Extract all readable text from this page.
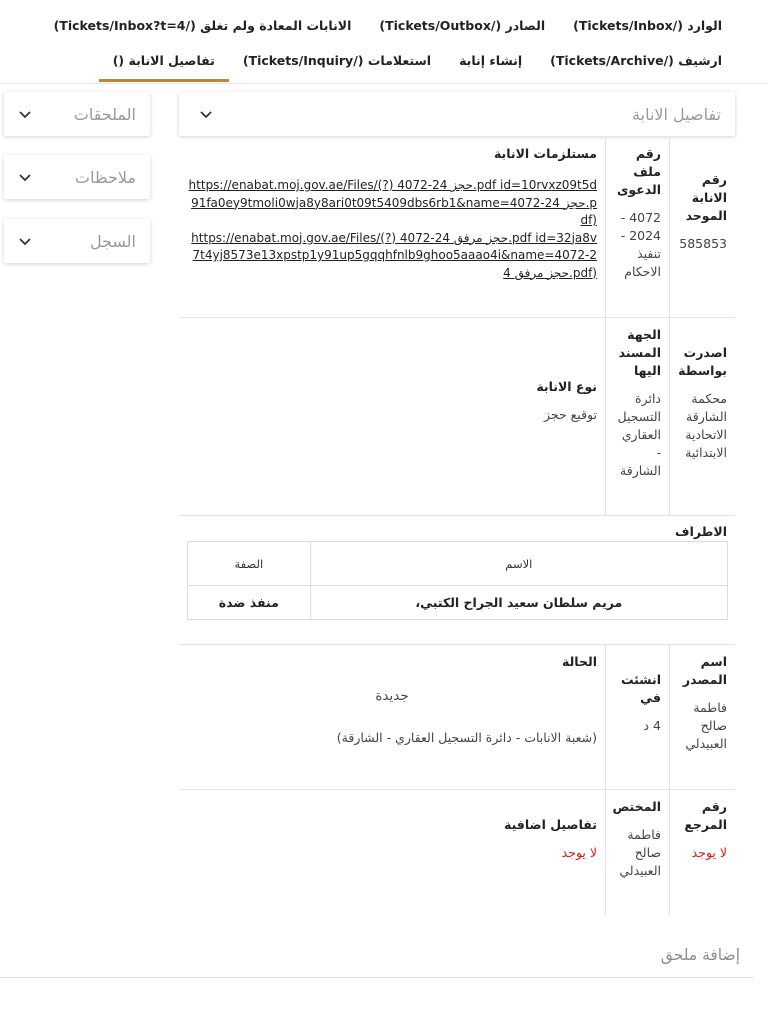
الوارد (/Tickets/Inbox)
الصادر (/Tickets/Outbox)
الانابات المعادة ولم تغلق (/Tickets/Inbox?t=4)
ارشيف (/Tickets/Archive)
إنشاء إنابة
استعلامات (/Tickets/Inquiry)
تفاصيل الانابة ()
تفاصيل الانابة
الملحقات
ملاحظات
السجل
رقم الانابة الموحد
585853
رقم ملف الدعوى
4072 - 2024 - تنفيذ الاحكام
مستلزمات الانابة
https://enabat.moj.gov.ae/Files/(?) 4072-24 حجز.pdf id=10rvxz09t5d91fa0ey9tmoli0wja8y8ari0t09t5409dbs6rb1&name=4072-24 حجز.pdf)
https://enabat.moj.gov.ae/Files/(?) 4072-24 حجز مرفق.pdf id=32ja8v7t4yj8573e13xpstp1y91up5gqqhfnlb9ghoo5aaao4i&name=4072-24 حجز مرفق.pdf)
اصدرت بواسطة
محكمة الشارقة الاتحادية الابتدائية
الجهة المسند اليها
دائرة التسجيل العقاري - الشارقة
نوع الانابة
توقيع حجز
الاطراف
الاسم	الصفة
مريم سلطان سعيد الجراح الكتبي،	منفذ ضدة
اسم المصدر
فاطمة صالح العبيدلي
انشئت في
4 د
الحالة
جديدة
(شعبة الانابات - دائرة التسجيل العقاري - الشارقة)
رقم المرجع
لا يوجد
المختص
فاطمة صالح العبيدلي
تفاصيل اضافية
لا يوجد
إضافة ملحق
